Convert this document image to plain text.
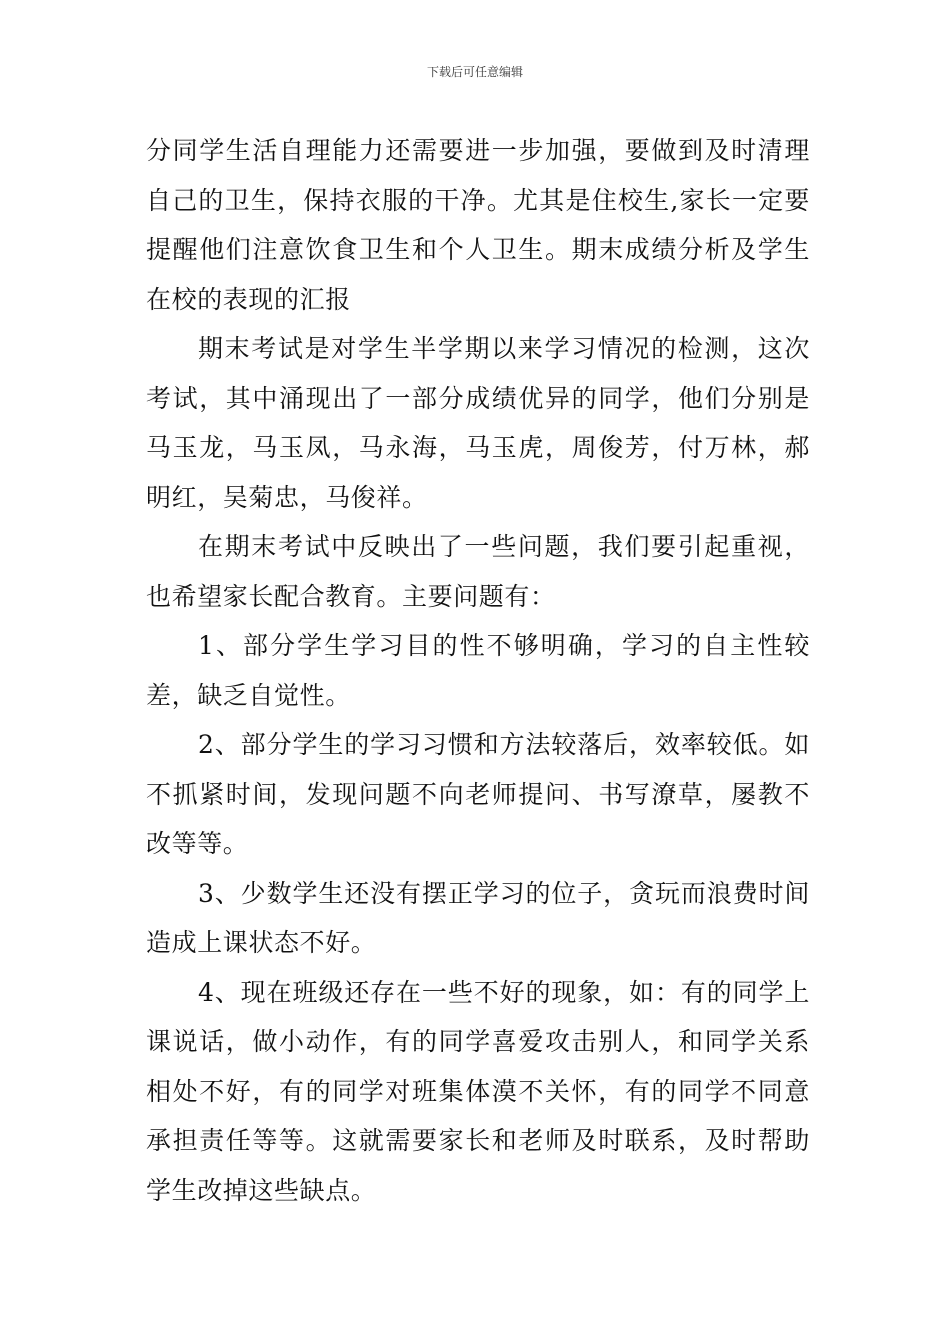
下载后可任意编辑

分同学生活自理能力还需要进一步加强，要做到及时清理自己的卫生，保持衣服的干净。尤其是住校生,家长一定要提醒他们注意饮食卫生和个人卫生。期末成绩分析及学生在校的表现的汇报

期末考试是对学生半学期以来学习情况的检测，这次考试，其中涌现出了一部分成绩优异的同学，他们分别是马玉龙，马玉凤，马永海，马玉虎，周俊芳，付万林，郝明红，吴菊忠，马俊祥。

在期末考试中反映出了一些问题，我们要引起重视，也希望家长配合教育。主要问题有：

1、部分学生学习目的性不够明确，学习的自主性较差，缺乏自觉性。

2、部分学生的学习习惯和方法较落后，效率较低。如不抓紧时间，发现问题不向老师提问、书写潦草，屡教不改等等。

3、少数学生还没有摆正学习的位子，贪玩而浪费时间造成上课状态不好。

4、现在班级还存在一些不好的现象，如：有的同学上课说话，做小动作，有的同学喜爱攻击别人，和同学关系相处不好，有的同学对班集体漠不关怀，有的同学不同意承担责任等等。这就需要家长和老师及时联系，及时帮助学生改掉这些缺点。
